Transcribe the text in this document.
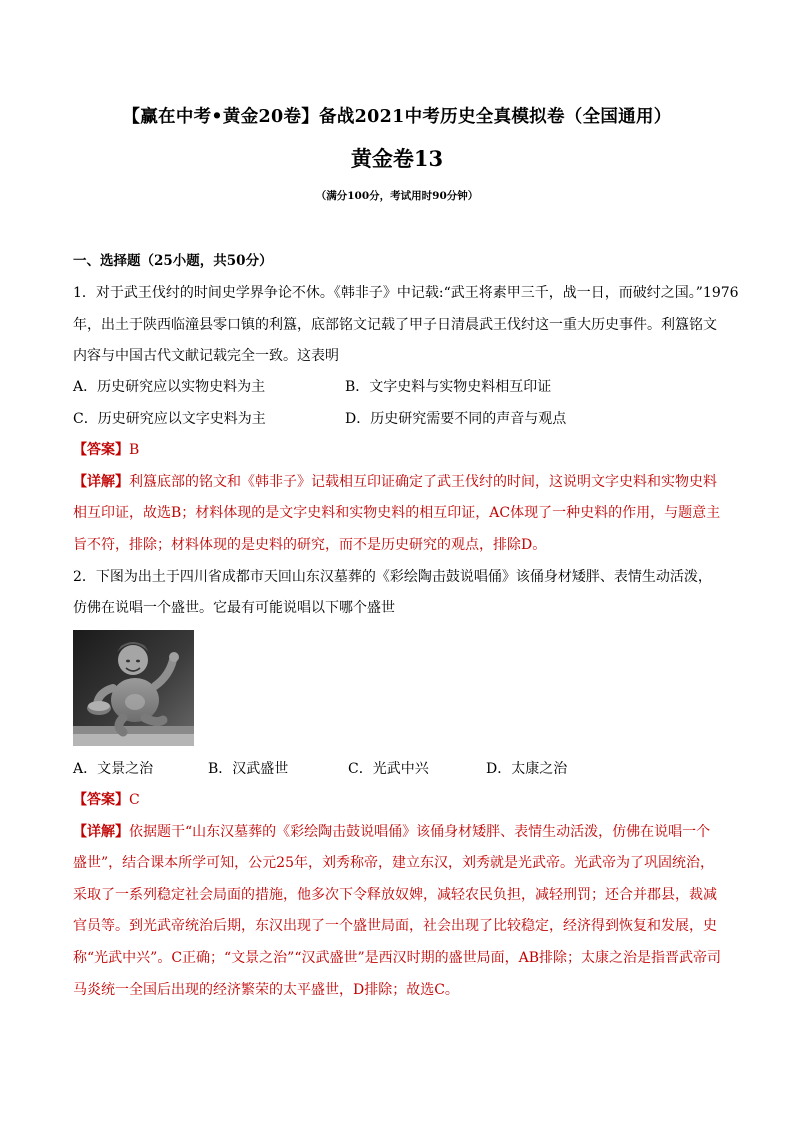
【赢在中考•黄金20卷】备战2021中考历史全真模拟卷（全国通用）
黄金卷13
（满分100分，考试用时90分钟）
一、选择题（25小题，共50分）
1．对于武王伐纣的时间史学界争论不休。《韩非子》中记载:“武王将素甲三千，战一日，而破纣之国。”1976
年，出土于陕西临潼县零口镇的利簋，底部铭文记载了甲子日清晨武王伐纣这一重大历史事件。利簋铭文
内容与中国古代文献记载完全一致。这表明
A．历史研究应以实物史料为主	B．文字史料与实物史料相互印证
C．历史研究应以文字史料为主	D．历史研究需要不同的声音与观点
【答案】B
【详解】利簋底部的铭文和《韩非子》记载相互印证确定了武王伐纣的时间，这说明文字史料和实物史料
相互印证，故选B；材料体现的是文字史料和实物史料的相互印证，AC体现了一种史料的作用，与题意主
旨不符，排除；材料体现的是史料的研究，而不是历史研究的观点，排除D。
2．下图为出土于四川省成都市天回山东汉墓葬的《彩绘陶击鼓说唱俑》该俑身材矮胖、表情生动活泼，
仿佛在说唱一个盛世。它最有可能说唱以下哪个盛世
A．文景之治	B．汉武盛世	C．光武中兴	D．太康之治
【答案】C
【详解】依据题干“山东汉墓葬的《彩绘陶击鼓说唱俑》该俑身材矮胖、表情生动活泼，仿佛在说唱一个
盛世”，结合课本所学可知，公元25年，刘秀称帝，建立东汉，刘秀就是光武帝。光武帝为了巩固统治，
采取了一系列稳定社会局面的措施，他多次下令释放奴婢，减轻农民负担，减轻刑罚；还合并郡县，裁减
官员等。到光武帝统治后期，东汉出现了一个盛世局面，社会出现了比较稳定，经济得到恢复和发展，史
称“光武中兴”。C正确；“文景之治”“汉武盛世”是西汉时期的盛世局面，AB排除；太康之治是指晋武帝司
马炎统一全国后出现的经济繁荣的太平盛世，D排除；故选C。
